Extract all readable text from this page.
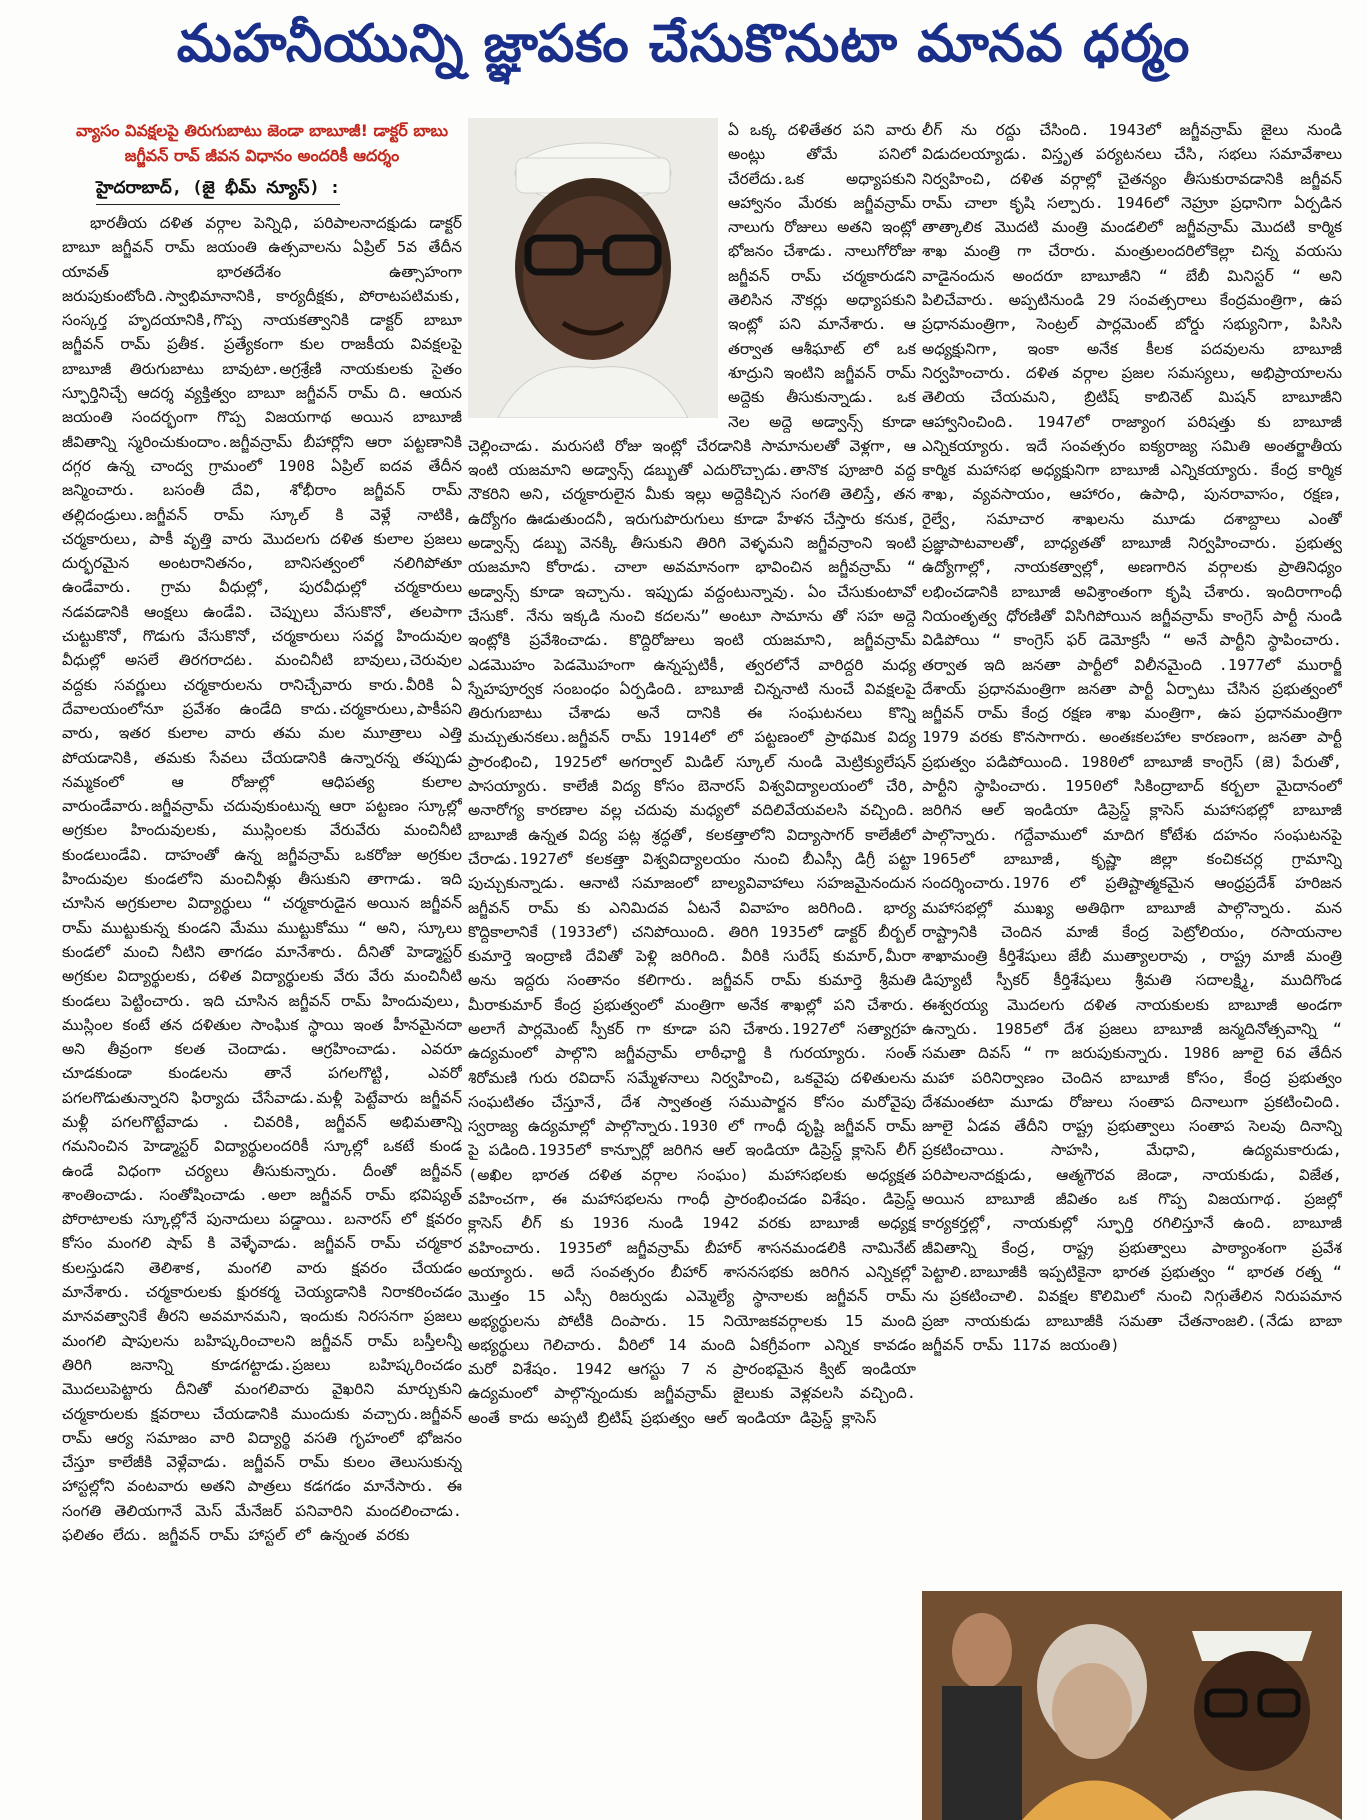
మహనీయున్ని జ్ఞాపకం చేసుకొనుటా మానవ ధర్మం
వ్యాసం వివక్షలపై తిరుగుబాటు జెండా బాబూజీ! డాక్టర్ బాబు జగ్జీవన్ రావ్ జీవన విధానం అందరికీ ఆదర్శం
హైదరాబాద్, (జై భీమ్ న్యూస్) :

భారతీయ దళిత వర్గాల పెన్నిధి, పరిపాలనాదక్షుడు డాక్టర్ బాబూ జగ్జీవన్ రామ్ జయంతి ఉత్సవాలను ఏప్రిల్ 5వ తేదీన యావత్ భారతదేశం ఉత్సాహంగా జరుపుకుంటోంది.స్వాభిమానానికి, కార్యదీక్షకు, పోరాటపటిమకు, సంస్కర్త హృదయానికి,గొప్ప నాయకత్వానికి డాక్టర్ బాబూ జగ్జీవన్ రామ్ ప్రతీక. ప్రత్యేకంగా కుల రాజకీయ వివక్షలపై బాబూజీ తిరుగుబాటు బావుటా.అగ్రశ్రేణి నాయకులకు సైతం స్ఫూర్తినిచ్చే ఆదర్శ వ్యక్తిత్వం బాబూ జగ్జీవన్ రామ్ ది. ఆయన జయంతి సందర్భంగా గొప్ప విజయగాథ అయిన బాబూజీ జీవితాన్ని స్మరించుకుందాం.జగ్జీవన్రామ్ బీహార్లోని ఆరా పట్టణానికి దగ్గర ఉన్న చాంద్వ గ్రామంలో 1908 ఏప్రిల్ ఐదవ తేదీన జన్మించారు. బసంతీ దేవి, శోభీరాం జగ్జీవన్ రామ్ తల్లిదండ్రులు.జగ్జీవన్ రామ్ స్కూల్ కి వెళ్లే నాటికి, చర్మకారులు, పాకీ వృత్తి వారు మొదలగు దళిత కులాల ప్రజలు దుర్భరమైన అంటరానితనం, బానిసత్వంలో నలిగిపోతూ ఉండేవారు. గ్రామ వీధుల్లో, పురవీధుల్లో చర్మకారులు నడవడానికి ఆంక్షలు ఉండేవి. చెప్పులు వేసుకొనో, తలపాగా చుట్టుకొనో, గొడుగు వేసుకొనో, చర్మకారులు సవర్ణ హిందువుల వీధుల్లో అసలే తిరగరాదట. మంచినీటి బావులు,చెరువుల వద్దకు సవర్ణులు చర్మకారులను రానిచ్చేవారు కారు.వీరికి ఏ దేవాలయంలోనూ ప్రవేశం ఉండేది కాదు.చర్మకారులు,పాకీపని వారు, ఇతర కులాల వారు తమ మల మూత్రాలు ఎత్తి పోయడానికి, తమకు సేవలు చేయడానికి ఉన్నారన్న తప్పుడు నమ్మకంలో ఆ రోజుల్లో ఆధిపత్య కులాల వారుండేవారు.జగ్జీవన్రామ్ చదువుకుంటున్న ఆరా పట్టణం స్కూల్లో అగ్రకుల హిందువులకు, ముస్లింలకు వేరువేరు మంచినీటి కుండలుండేవి. దాహంతో ఉన్న జగ్జీవన్రామ్ ఒకరోజు అగ్రకుల హిందువుల కుండలోని మంచినీళ్లు తీసుకుని తాగాడు. ఇది చూసిన అగ్రకులాల విద్యార్థులు “ చర్మకారుడైన అయిన జగ్జీవన్ రామ్ ముట్టుకున్న కుండని మేము ముట్టుకోము “ అని, స్కూలు కుండలో మంచి నీటిని తాగడం మానేశారు. దీనితో హెడ్మాస్టర్ అగ్రకుల విద్యార్థులకు, దళిత విద్యార్థులకు వేరు వేరు మంచినీటి కుండలు పెట్టించారు. ఇది చూసిన జగ్జీవన్ రామ్ హిందువులు, ముస్లింల కంటే తన దళితుల సాంఘిక స్థాయి ఇంత హీనమైనదా అని తీవ్రంగా కలత చెందాడు. ఆగ్రహించాడు. ఎవరూ చూడకుండా కుండలను తానే పగలగొట్టి, ఎవరో పగలగొడుతున్నారని ఫిర్యాదు చేసేవాడు.మళ్లీ పెట్టేవారు జగ్జీవన్ మళ్లీ పగలగొట్టేవాడు . చివరికి, జగ్జీవన్ అభిమతాన్ని గమనించిన హెడ్మాస్టర్ విద్యార్థులందరికీ స్కూల్లో ఒకటే కుండ ఉండే విధంగా చర్యలు తీసుకున్నారు. దీంతో జగ్జీవన్ శాంతించాడు. సంతోషించాడు .అలా జగ్జీవన్ రామ్ భవిష్యత్ పోరాటాలకు స్కూల్లోనే పునాదులు పడ్డాయి. బనారస్ లో క్షవరం కోసం మంగలి షాప్ కి వెళ్ళేవాడు. జగ్జీవన్ రామ్ చర్మకార కులస్తుడని తెలిశాక, మంగలి వారు క్షవరం చేయడం మానేశారు. చర్మకారులకు క్షురకర్మ చెయ్యడానికి నిరాకరించడం మానవత్వానికే తీరని అవమానమని, ఇందుకు నిరసనగా ప్రజలు మంగలి షాపులను బహిష్కరించాలని జగ్జీవన్ రామ్ బస్తీలన్నీ తిరిగి జనాన్ని కూడగట్టాడు.ప్రజలు బహిష్కరించడం మొదలుపెట్టారు దీనితో మంగలివారు వైఖరిని మార్చుకుని చర్మకారులకు క్షవరాలు చేయడానికి ముందుకు వచ్చారు.జగ్జీవన్ రామ్ ఆర్య సమాజం వారి విద్యార్థి వసతి గృహంలో భోజనం చేస్తూ కాలేజీకి వెళ్లేవాడు. జగ్జీవన్ రామ్ కులం తెలుసుకున్న హాస్టల్లోని వంటవారు అతని పాత్రలు కడగడం మానేసారు. ఈ సంగతి తెలియగానే మెస్ మేనేజర్ పనివారిని మందలించాడు. ఫలితం లేదు. జగ్జీవన్ రామ్ హాస్టల్ లో ఉన్నంత వరకు

ఏ ఒక్క దళితేతర పని వారు అంట్లు తోమే పనిలో చేరలేదు.ఒక అధ్యాపకుని ఆహ్వానం మేరకు జగ్జీవన్రామ్ నాలుగు రోజులు అతని ఇంట్లో భోజనం చేశాడు. నాలుగోరోజు జగ్జీవన్ రామ్ చర్మకారుడని తెలిసిన నౌకర్లు అధ్యాపకుని ఇంట్లో పని మానేశారు. ఆ తర్వాత ఆశీఘాట్ లో ఒక శూద్రుని ఇంటిని జగ్జీవన్ రామ్ అద్దెకు తీసుకున్నాడు. ఒక నెల అద్దె అడ్వాన్స్ కూడా చెల్లించాడు. మరుసటి రోజు ఇంట్లో చేరడానికి సామానులతో వెళ్లగా, ఆ ఇంటి యజమాని అడ్వాన్స్ డబ్బుతో ఎదురొచ్చాడు.తానొక పూజారి వద్ద నౌకరిని అని, చర్మకారులైన మీకు ఇల్లు అద్దెకిచ్చిన సంగతి తెలిస్తే, తన ఉద్యోగం ఊడుతుందనీ, ఇరుగుపొరుగులు కూడా హేళన చేస్తారు కనుక, అడ్వాన్స్ డబ్బు వెనక్కి తీసుకుని తిరిగి వెళ్ళమని జగ్జీవన్రాంని ఇంటి యజమాని కోరాడు. చాలా అవమానంగా భావించిన జగ్జీవన్రామ్ “ అడ్వాన్స్ కూడా ఇచ్చాను. ఇప్పుడు వద్దంటున్నావు. ఏం చేసుకుంటావో చేసుకో. నేను ఇక్కడి నుంచి కదలను” అంటూ సామాను తో సహ అద్దె ఇంట్లోకి ప్రవేశించాడు. కొద్దిరోజులు ఇంటి యజమాని, జగ్జీవన్రామ్ ఎడమొహం పెడమొహంగా ఉన్నప్పటికీ, త్వరలోనే వారిద్దరి మధ్య స్నేహపూర్వక సంబంధం ఏర్పడింది. బాబూజీ చిన్ననాటి నుంచే వివక్షలపై తిరుగుబాటు చేశాడు అనే దానికి ఈ సంఘటనలు కొన్ని మచ్చుతునకలు.జగ్జీవన్ రామ్ 1914లో లో పట్టణంలో ప్రాథమిక విద్య ప్రారంభించి, 1925లో అగర్వాల్ మిడిల్ స్కూల్ నుండి మెట్రిక్యులేషన్ పాసయ్యారు. కాలేజీ విద్య కోసం బెనారస్ విశ్వవిద్యాలయంలో చేరి, అనారోగ్య కారణాల వల్ల చదువు మధ్యలో వదిలివేయవలసి వచ్చింది. బాబూజీ ఉన్నత విద్య పట్ల శ్రద్ధతో, కలకత్తాలోని విద్యాసాగర్ కాలేజీలో చేరాడు.1927లో కలకత్తా విశ్వవిద్యాలయం నుంచి బీఎస్సీ డిగ్రీ పట్టా పుచ్చుకున్నాడు. ఆనాటి సమాజంలో బాల్యవివాహాలు సహజమైనందున జగ్జీవన్ రామ్ కు ఎనిమిదవ ఏటనే వివాహం జరిగింది. భార్య కొద్దికాలానికే (1933లో) చనిపోయింది. తిరిగి 1935లో డాక్టర్ బీర్బల్ కుమార్తె ఇంద్రాణి దేవితో పెళ్లి జరిగింది. వీరికి సురేష్ కుమార్,మీరా అను ఇద్దరు సంతానం కలిగారు. జగ్జీవన్ రామ్ కుమార్తె శ్రీమతి మీరాకుమార్ కేంద్ర ప్రభుత్వంలో మంత్రిగా అనేక శాఖల్లో పని చేశారు. అలాగే పార్లమెంట్ స్పీకర్ గా కూడా పని చేశారు.1927లో సత్యాగ్రహ ఉద్యమంలో పాల్గొని జగ్జీవన్రామ్ లాఠీఛార్జి కి గురయ్యారు. సంత్ శిరోమణి గురు రవిదాస్ సమ్మేళనాలు నిర్వహించి, ఒకవైపు దళితులను సంఘటితం చేస్తూనే, దేశ స్వాతంత్ర సముపార్జన కోసం మరోవైపు స్వరాజ్య ఉద్యమాల్లో పాల్గొన్నారు.1930 లో గాంధీ దృష్టి జగ్జీవన్ రామ్ పై పడింది.1935లో కాన్పూర్లో జరిగిన ఆల్ ఇండియా డిప్రెస్డ్ క్లాసెస్ లీగ్ (అఖిల భారత దళిత వర్గాల సంఘం) మహాసభలకు అధ్యక్షత వహించగా, ఈ మహాసభలను గాంధీ ప్రారంభించడం విశేషం. డిప్రెస్డ్ క్లాసెస్ లీగ్ కు 1936 నుండి 1942 వరకు బాబూజీ అధ్యక్ష వహించారు. 1935లో జగ్జీవన్రామ్ బీహార్ శాసనమండలికి నామినేట్ అయ్యారు. అదే సంవత్సరం బీహార్ శాసనసభకు జరిగిన ఎన్నికల్లో మొత్తం 15 ఎస్సీ రిజర్వుడు ఎమ్మెల్యే స్థానాలకు జగ్జీవన్ రామ్ అభ్యర్థులను పోటీకి దింపారు. 15 నియోజకవర్గాలకు 15 మంది అభ్యర్థులు గెలిచారు. వీరిలో 14 మంది ఏకగ్రీవంగా ఎన్నిక కావడం మరో విశేషం. 1942 ఆగస్టు 7 న ప్రారంభమైన క్విట్ ఇండియా ఉద్యమంలో పాల్గొన్నందుకు జగ్జీవన్రామ్ జైలుకు వెళ్లవలసి వచ్చింది. అంతే కాదు అప్పటి బ్రిటిష్ ప్రభుత్వం ఆల్ ఇండియా డిప్రెస్డ్ క్లాసెస్

లీగ్ ను రద్దు చేసింది. 1943లో జగ్జీవన్రామ్ జైలు నుండి విడుదలయ్యాడు. విస్తృత పర్యటనలు చేసి, సభలు సమావేశాలు నిర్వహించి, దళిత వర్గాల్లో చైతన్యం తీసుకురావడానికి జగ్జీవన్ రామ్ చాలా కృషి సల్పారు. 1946లో నెహ్రూ ప్రధానిగా ఏర్పడిన తాత్కాలిక మొదటి మంత్రి మండలిలో జగ్జీవన్రామ్ మొదటి కార్మిక శాఖ మంత్రి గా చేరారు. మంత్రులందరిలోకెల్లా చిన్న వయసు వాడైనందున అందరూ బాబూజీని “ బేబీ మినిస్టర్ “ అని పిలిచేవారు. అప్పటినుండి 29 సంవత్సరాలు కేంద్రమంత్రిగా, ఉప ప్రధానమంత్రిగా, సెంట్రల్ పార్లమెంట్ బోర్డు సభ్యునిగా, పిసిసి అధ్యక్షునిగా, ఇంకా అనేక కీలక పదవులను బాబూజీ నిర్వహించారు. దళిత వర్గాల ప్రజల సమస్యలు, అభిప్రాయాలను తెలియ చేయమని, బ్రిటిష్ కాబినెట్ మిషన్ బాబూజీని ఆహ్వానించింది. 1947లో రాజ్యాంగ పరిషత్తు కు బాబూజీ ఎన్నికయ్యారు. ఇదే సంవత్సరం ఐక్యరాజ్య సమితి అంతర్జాతీయ కార్మిక మహాసభ అధ్యక్షునిగా బాబూజీ ఎన్నికయ్యారు. కేంద్ర కార్మిక శాఖ, వ్యవసాయం, ఆహారం, ఉపాధి, పునరావాసం, రక్షణ, రైల్వే, సమాచార శాఖలను మూడు దశాబ్దాలు ఎంతో ప్రజ్ఞాపాటవాలతో, బాధ్యతతో బాబూజీ నిర్వహించారు. ప్రభుత్వ ఉద్యోగాల్లో, నాయకత్వాల్లో, అణగారిన వర్గాలకు ప్రాతినిధ్యం లభించడానికి బాబూజీ అవిశ్రాంతంగా కృషి చేశారు. ఇందిరాగాంధీ నియంతృత్వ ధోరణితో విసిగిపోయిన జగ్జీవన్రామ్ కాంగ్రెస్ పార్టీ నుండి విడిపోయి “ కాంగ్రెస్ ఫర్ డెమోక్రసీ “ అనే పార్టీని స్థాపించారు. తర్వాత ఇది జనతా పార్టీలో విలీనమైంది .1977లో మురార్జీ దేశాయ్ ప్రధానమంత్రిగా జనతా పార్టీ ఏర్పాటు చేసిన ప్రభుత్వంలో జగ్జీవన్ రామ్ కేంద్ర రక్షణ శాఖ మంత్రిగా, ఉప ప్రధానమంత్రిగా 1979 వరకు కొనసాగారు. అంతఃకలహాల కారణంగా, జనతా పార్టీ ప్రభుత్వం పడిపోయింది. 1980లో బాబూజీ కాంగ్రెస్ (జె) పేరుతో, పార్టీని స్థాపించారు. 1950లో సికింద్రాబాద్ కర్బలా మైదానంలో జరిగిన ఆల్ ఇండియా డిప్రెస్డ్ క్లాసెస్ మహాసభల్లో బాబూజీ పాల్గొన్నారు. గద్దేవాములో మాదిగ కోటేశు దహనం సంఘటనపై 1965లో బాబూజీ, కృష్ణా జిల్లా కంచికచర్ల గ్రామాన్ని సందర్శించారు.1976 లో ప్రతిష్టాత్మకమైన ఆంధ్రప్రదేశ్ హరిజన మహాసభల్లో ముఖ్య అతిథిగా బాబూజీ పాల్గొన్నారు. మన రాష్ట్రానికి చెందిన మాజీ కేంద్ర పెట్రోలియం, రసాయనాల శాఖామంత్రి కీర్తిశేషులు జేబీ ముత్యాలరావు , రాష్ట్ర మాజీ మంత్రి డిప్యూటీ స్పీకర్ కీర్తిశేషులు శ్రీమతి సదాలక్ష్మి, ముదిగొండ ఈశ్వరయ్య మొదలగు దళిత నాయకులకు బాబూజీ అండగా ఉన్నారు. 1985లో దేశ ప్రజలు బాబూజీ జన్మదినోత్సవాన్ని “ సమతా దివస్ “ గా జరుపుకున్నారు. 1986 జూలై 6వ తేదీన మహా పరినిర్వాణం చెందిన బాబూజీ కోసం, కేంద్ర ప్రభుత్వం దేశమంతటా మూడు రోజులు సంతాప దినాలుగా ప్రకటించింది. జూలై ఏడవ తేదీని రాష్ట్ర ప్రభుత్వాలు సంతాప సెలవు దినాన్ని ప్రకటించాయి. సాహసి, మేధావి, ఉద్యమకారుడు, పరిపాలనాదక్షుడు, ఆత్మగౌరవ జెండా, నాయకుడు, విజేత, అయిన బాబూజీ జీవితం ఒక గొప్ప విజయగాథ. ప్రజల్లో కార్యకర్తల్లో, నాయకుల్లో స్ఫూర్తి రగిలిస్తూనే ఉంది. బాబూజీ జీవితాన్ని కేంద్ర, రాష్ట్ర ప్రభుత్వాలు పాఠ్యాంశంగా ప్రవేశ పెట్టాలి.బాబూజీకి ఇప్పటికైనా భారత ప్రభుత్వం “ భారత రత్న “ ను ప్రకటించాలి. వివక్షల కొలిమిలో నుంచి నిగ్గుతేలిన నిరుపమాన ప్రజా నాయకుడు బాబూజీకి సమతా చేతనాంజలి.(నేడు బాబా జగ్జీవన్ రామ్ 117వ జయంతి)
